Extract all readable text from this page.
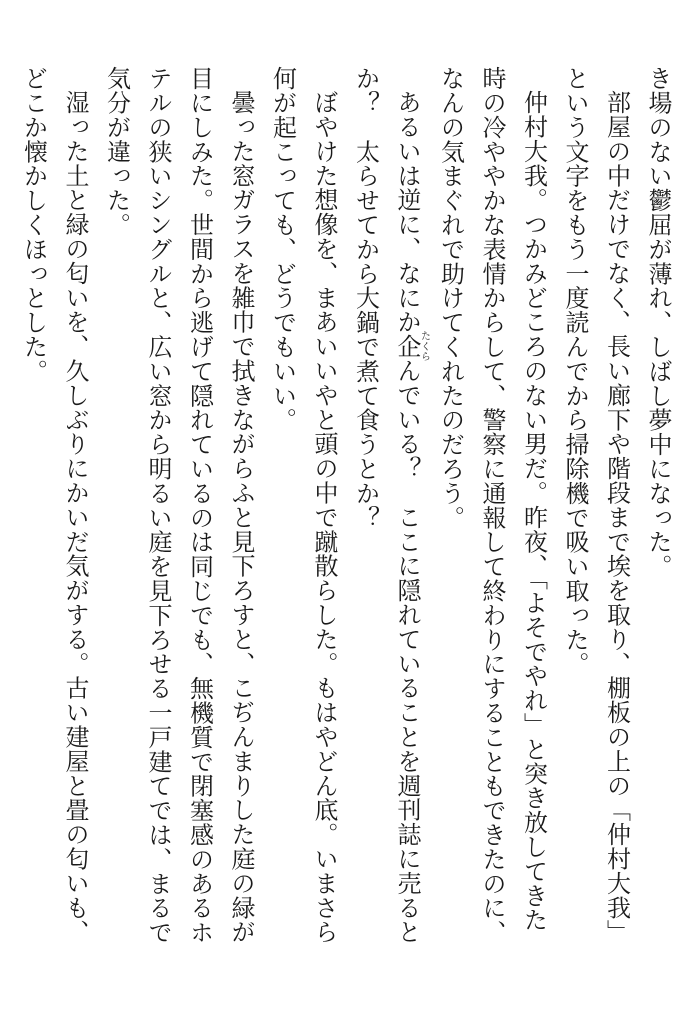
き場のない鬱屈が薄れ、しばし夢中になった。

部屋の中だけでなく、長い廊下や階段まで埃を取り、棚板の上の「仲村大我」という文字をもう一度読んでから掃除機で吸い取った。

仲村大我。つかみどころのない男だ。昨夜、「よそでやれ」と突き放してきた時の冷ややかな表情からして、警察に通報して終わりにすることもできたのに、なんの気まぐれで助けてくれたのだろう。

あるいは逆に、なにか企たくらんでいる？　ここに隠れていることを週刊誌に売るとか？　太らせてから大鍋で煮て食うとか？

ぼやけた想像を、まあいいやと頭の中で蹴散らした。もはやどん底。いまさら何が起こっても、どうでもいい。

曇った窓ガラスを雑巾で拭きながらふと見下ろすと、こぢんまりした庭の緑が目にしみた。世間から逃げて隠れているのは同じでも、無機質で閉塞感のあるホテルの狭いシングルと、広い窓から明るい庭を見下ろせる一戸建てでは、まるで気分が違った。

湿った土と緑の匂いを、久しぶりにかいだ気がする。古い建屋と畳の匂いも、どこか懐かしくほっとした。
